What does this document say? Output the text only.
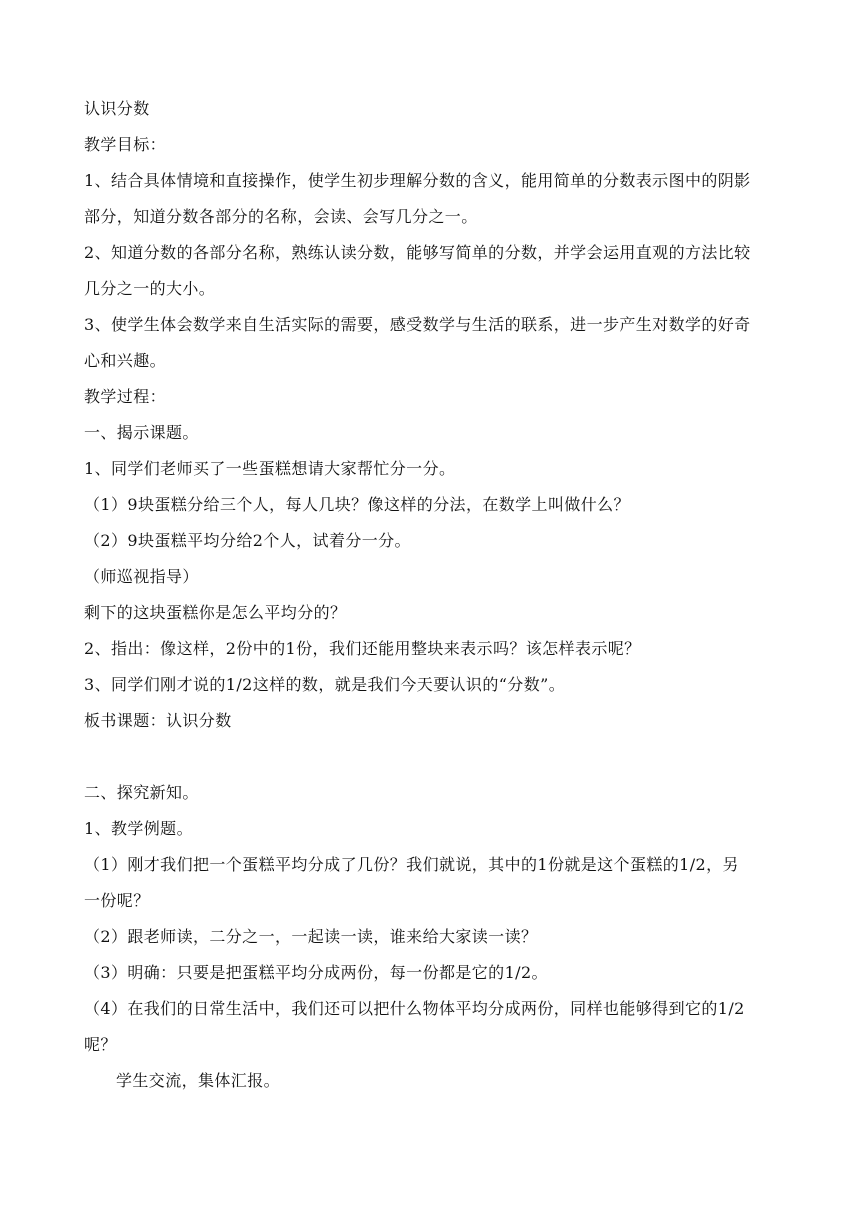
认识分数
教学目标：
1、结合具体情境和直接操作，使学生初步理解分数的含义，能用简单的分数表示图中的阴影
部分，知道分数各部分的名称，会读、会写几分之一。
2、知道分数的各部分名称，熟练认读分数，能够写简单的分数，并学会运用直观的方法比较
几分之一的大小。
3、使学生体会数学来自生活实际的需要，感受数学与生活的联系，进一步产生对数学的好奇
心和兴趣。
教学过程：
一、揭示课题。
1、同学们老师买了一些蛋糕想请大家帮忙分一分。
（1）9块蛋糕分给三个人，每人几块？像这样的分法，在数学上叫做什么？
（2）9块蛋糕平均分给2个人，试着分一分。
（师巡视指导）
剩下的这块蛋糕你是怎么平均分的？
2、指出：像这样，2份中的1份，我们还能用整块来表示吗？该怎样表示呢？
3、同学们刚才说的1/2这样的数，就是我们今天要认识的“分数”。
板书课题：认识分数
二、探究新知。
1、教学例题。
（1）刚才我们把一个蛋糕平均分成了几份？我们就说，其中的1份就是这个蛋糕的1/2，另
一份呢？
（2）跟老师读，二分之一，一起读一读，谁来给大家读一读？
（3）明确：只要是把蛋糕平均分成两份，每一份都是它的1/2。
（4）在我们的日常生活中，我们还可以把什么物体平均分成两份，同样也能够得到它的1/2
呢？
学生交流，集体汇报。
